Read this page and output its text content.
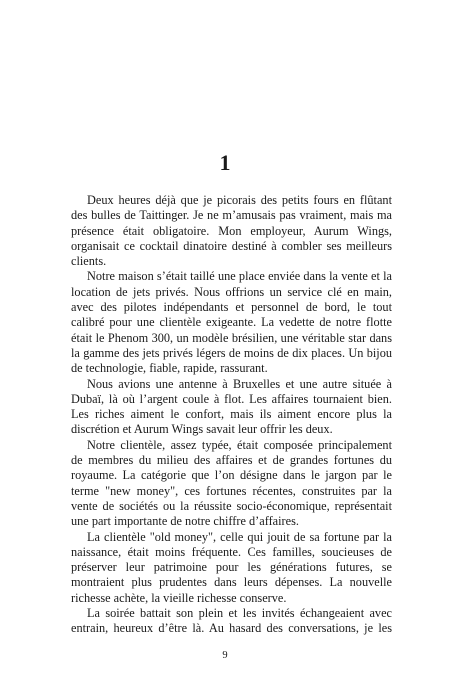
1

Deux heures déjà que je picorais des petits fours en flûtant des bulles de Taittinger. Je ne m’amusais pas vraiment, mais ma présence était obligatoire. Mon employeur, Aurum Wings, organisait ce cocktail dinatoire destiné à combler ses meilleurs clients.

Notre maison s’était taillé une place enviée dans la vente et la location de jets privés. Nous offrions un service clé en main, avec des pilotes indépendants et personnel de bord, le tout calibré pour une clientèle exigeante. La vedette de notre flotte était le Phenom 300, un modèle brésilien, une véritable star dans la gamme des jets privés légers de moins de dix places. Un bijou de technologie, fiable, rapide, rassurant.

Nous avions une antenne à Bruxelles et une autre située à Dubaï, là où l’argent coule à flot. Les affaires tournaient bien. Les riches aiment le confort, mais ils aiment encore plus la discrétion et Aurum Wings savait leur offrir les deux.

Notre clientèle, assez typée, était composée principalement de membres du milieu des affaires et de grandes fortunes du royaume. La catégorie que l’on désigne dans le jargon par le terme "new money", ces fortunes récentes, construites par la vente de sociétés ou la réussite socio-économique, représentait une part importante de notre chiffre d’affaires.

La clientèle "old money", celle qui jouit de sa fortune par la naissance, était moins fréquente. Ces familles, soucieuses de préserver leur patrimoine pour les générations futures, se montraient plus prudentes dans leurs dépenses. La nouvelle richesse achète, la vieille richesse conserve.

La soirée battait son plein et les invités échangeaient avec entrain, heureux d’être là. Au hasard des conversations, je les

9
